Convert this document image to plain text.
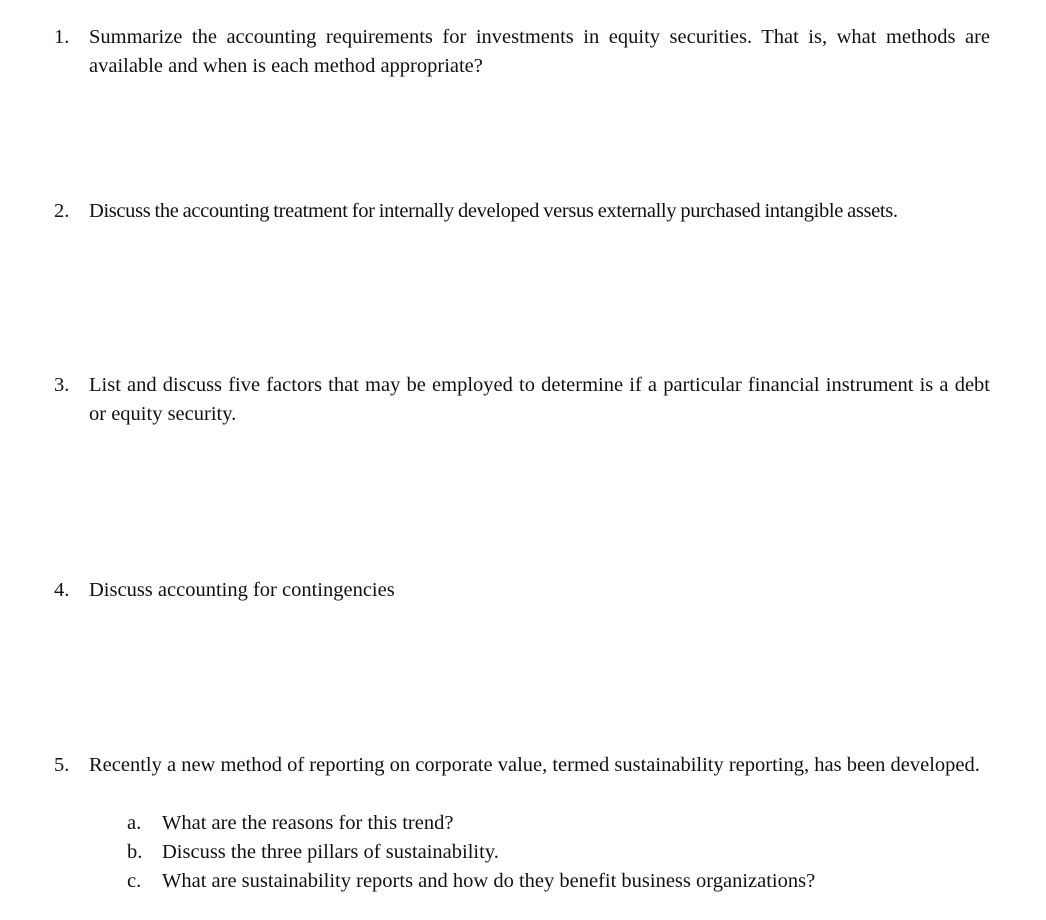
1. Summarize the accounting requirements for investments in equity securities. That is, what methods are available and when is each method appropriate?
2. Discuss the accounting treatment for internally developed versus externally purchased intangible assets.
3. List and discuss five factors that may be employed to determine if a particular financial instrument is a debt or equity security.
4. Discuss accounting for contingencies
5. Recently a new method of reporting on corporate value, termed sustainability reporting, has been developed.
a.	What are the reasons for this trend?
b. Discuss the three pillars of sustainability.
c.	What are sustainability reports and how do they benefit business organizations?
